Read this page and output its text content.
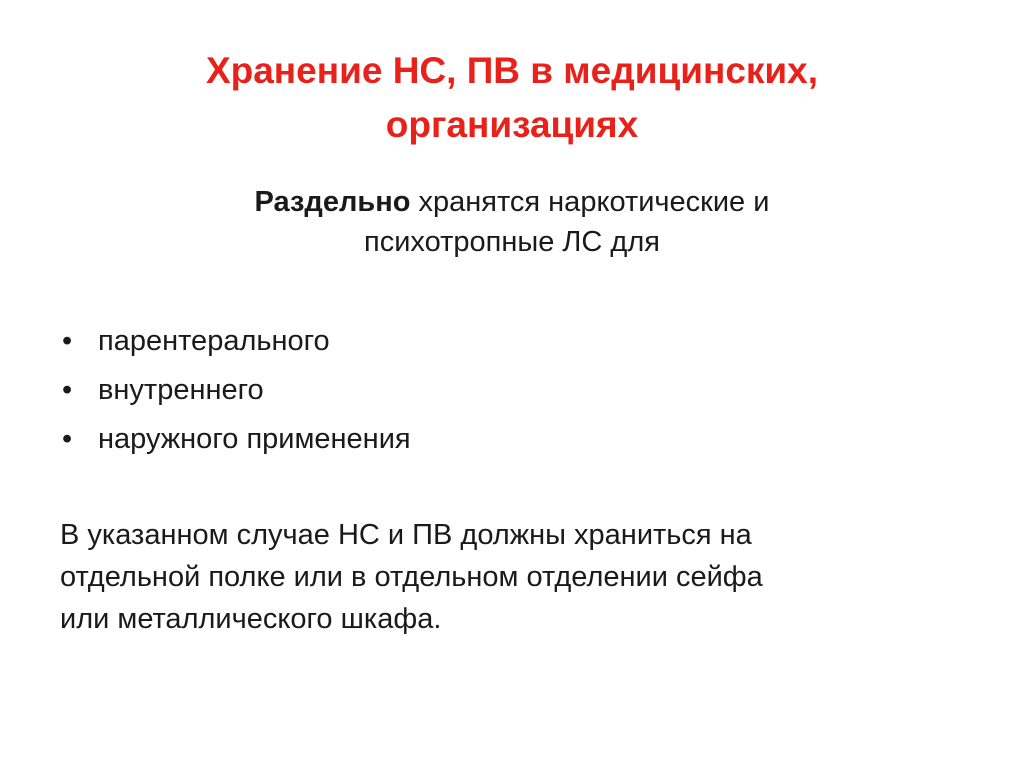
Хранение НС, ПВ в медицинских,
организациях

Раздельно хранятся наркотические и
психотропные ЛС для

• парентерального
• внутреннего
• наружного применения

В указанном случае НС и ПВ должны храниться на
отдельной полке или в отдельном отделении сейфа
или металлического шкафа.
